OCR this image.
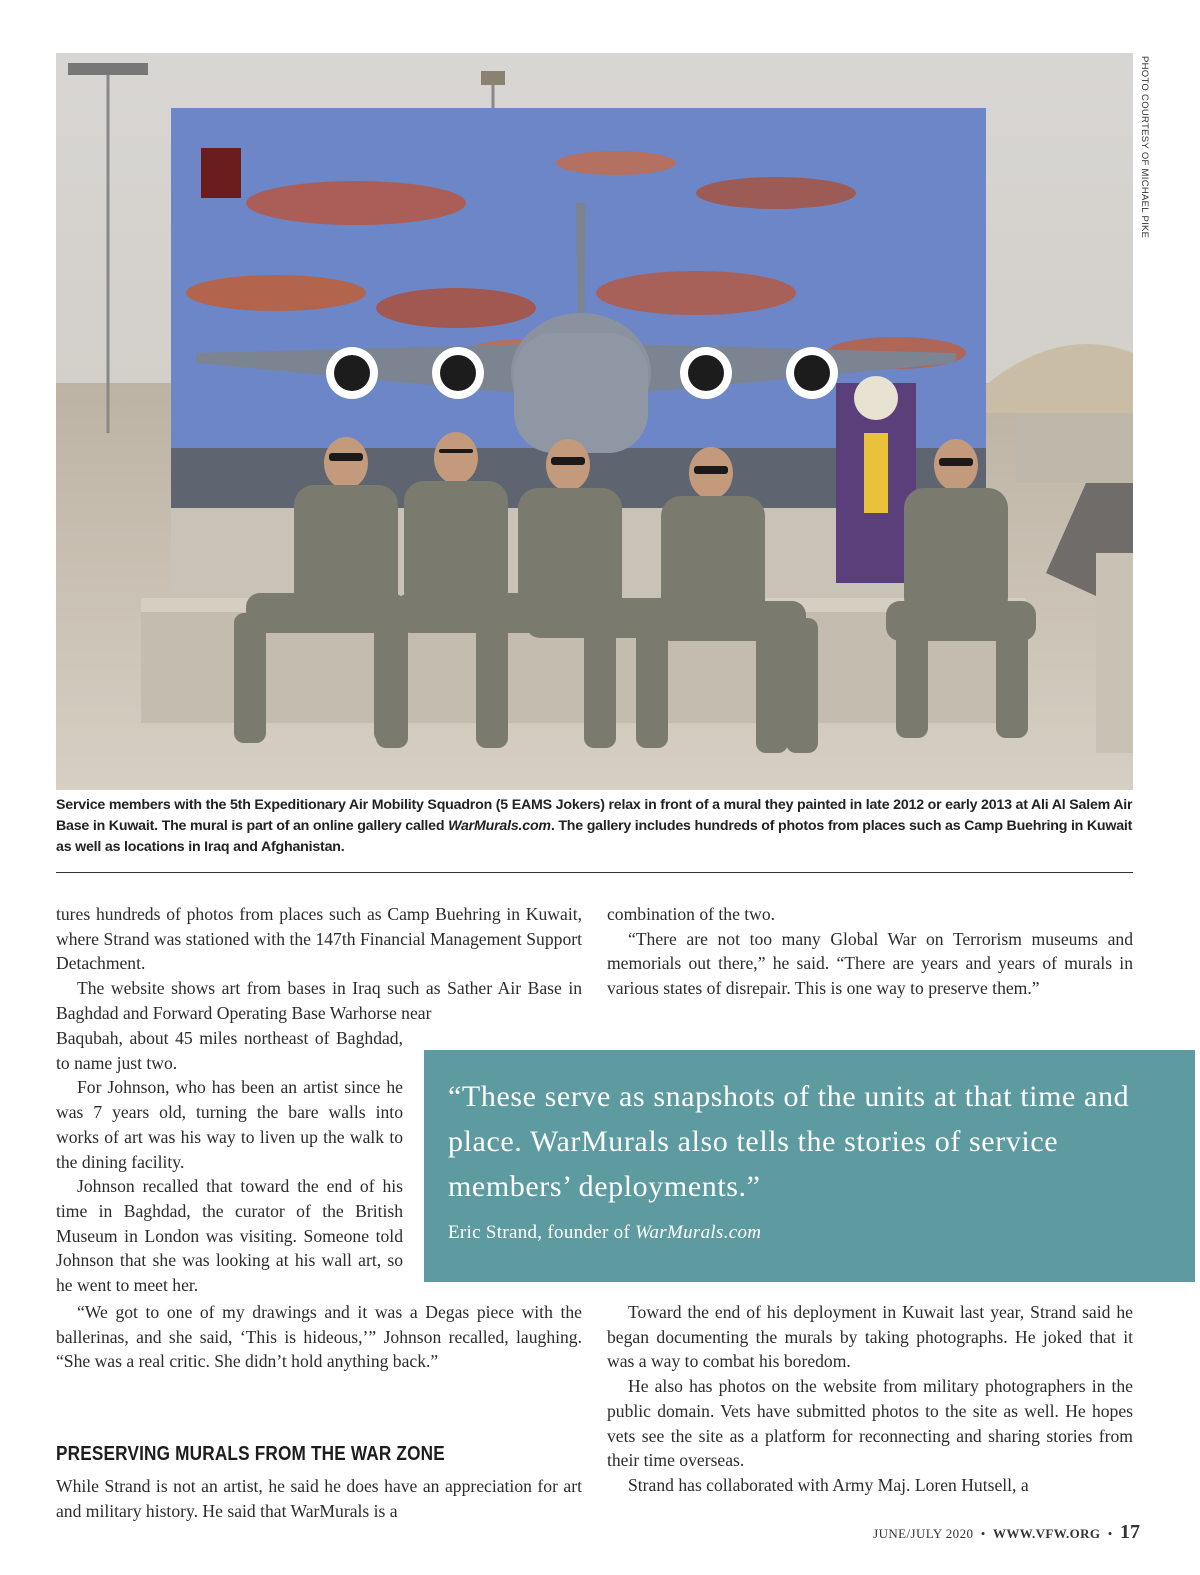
PHOTO COURTESY OF MICHAEL PIKE
Service members with the 5th Expeditionary Air Mobility Squadron (5 EAMS Jokers) relax in front of a mural they painted in late 2012 or early 2013 at Ali Al Salem Air Base in Kuwait. The mural is part of an online gallery called WarMurals.com. The gallery includes hundreds of photos from places such as Camp Buehring in Kuwait as well as locations in Iraq and Afghanistan.

tures hundreds of photos from places such as Camp Buehring in Kuwait, where Strand was stationed with the 147th Financial Management Support Detachment.

The website shows art from bases in Iraq such as Sather Air Base in Baghdad and Forward Operating Base Warhorse near

Baqubah, about 45 miles northeast of Baghdad, to name just two.

For Johnson, who has been an artist since he was 7 years old, turning the bare walls into works of art was his way to liven up the walk to the dining facility.

Johnson recalled that toward the end of his time in Baghdad, the curator of the British Museum in London was visiting. Someone told Johnson that she was looking at his wall art, so he went to meet her.

“We got to one of my drawings and it was a Degas piece with the ballerinas, and she said, ‘This is hideous,’” Johnson recalled, laughing. “She was a real critic. She didn’t hold anything back.”

PRESERVING MURALS FROM THE WAR ZONE

While Strand is not an artist, he said he does have an appreciation for art and military history. He said that WarMurals is a

combination of the two.

“There are not too many Global War on Terrorism museums and memorials out there,” he said. “There are years and years of murals in various states of disrepair. This is one way to preserve them.”

“These serve as snapshots of the units at that time and place. WarMurals also tells the stories of service members’ deployments.”
Eric Strand, founder of WarMurals.com

Toward the end of his deployment in Kuwait last year, Strand said he began documenting the murals by taking photographs. He joked that it was a way to combat his boredom.

He also has photos on the website from military photographers in the public domain. Vets have submitted photos to the site as well. He hopes vets see the site as a platform for reconnecting and sharing stories from their time overseas.

Strand has collaborated with Army Maj. Loren Hutsell, a

JUNE/JULY 2020 • WWW.VFW.ORG • 17
